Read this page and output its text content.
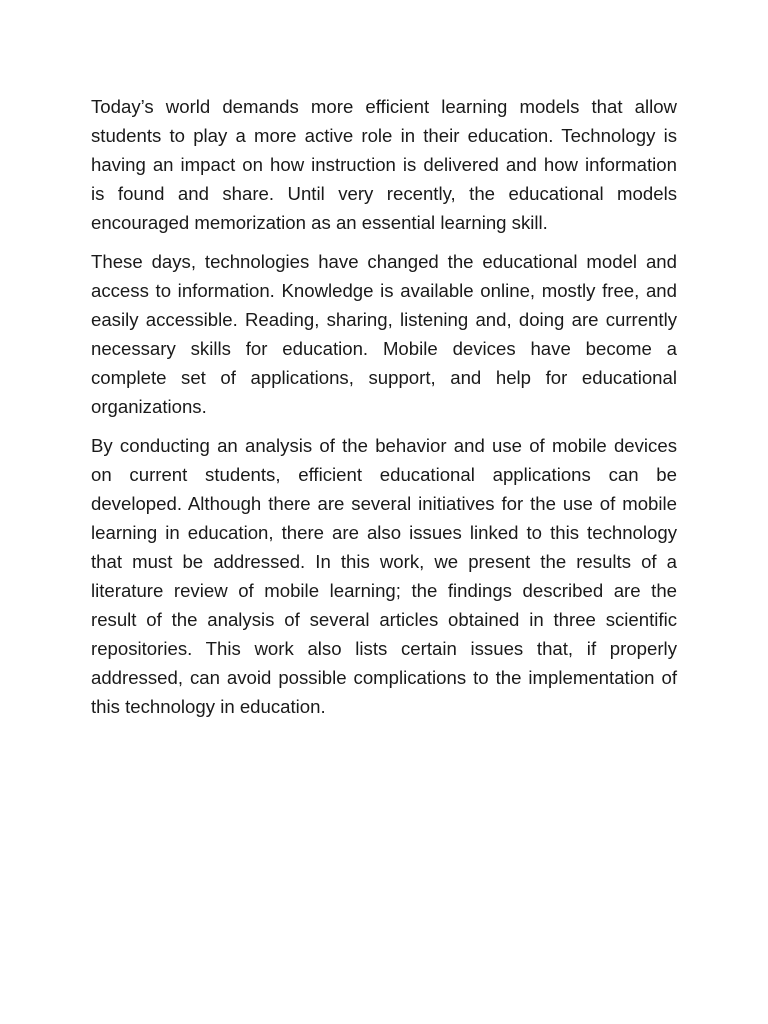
Today’s world demands more efficient learning models that allow students to play a more active role in their education. Technology is having an impact on how instruction is delivered and how information is found and share. Until very recently, the educational models encouraged memorization as an essential learning skill.

These days, technologies have changed the educational model and access to information. Knowledge is available online, mostly free, and easily accessible. Reading, sharing, listening and, doing are currently necessary skills for education. Mobile devices have become a complete set of applications, support, and help for educational organizations.

By conducting an analysis of the behavior and use of mobile devices on current students, efficient educational applications can be developed. Although there are several initiatives for the use of mobile learning in education, there are also issues linked to this technology that must be addressed. In this work, we present the results of a literature review of mobile learning; the findings described are the result of the analysis of several articles obtained in three scientific repositories. This work also lists certain issues that, if properly addressed, can avoid possible complications to the implementation of this technology in education.
